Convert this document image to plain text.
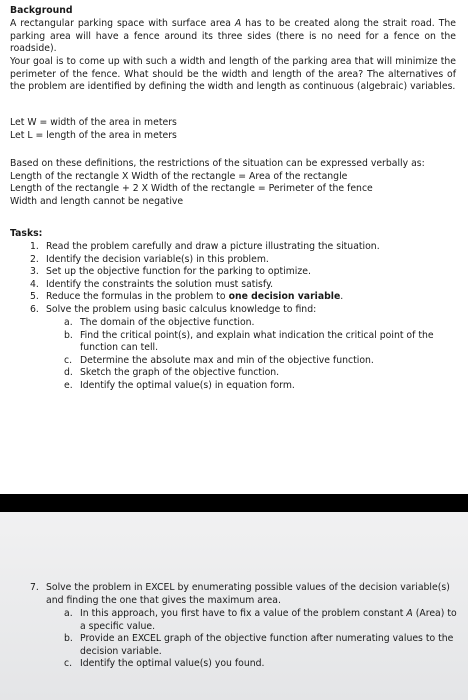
Background

A rectangular parking space with surface area A has to be created along the strait road. The parking area will have a fence around its three sides (there is no need for a fence on the roadside).

Your goal is to come up with such a width and length of the parking area that will minimize the perimeter of the fence. What should be the width and length of the area? The alternatives of the problem are identified by defining the width and length as continuous (algebraic) variables.

Let W = width of the area in meters
Let L = length of the area in meters
Based on these definitions, the restrictions of the situation can be expressed verbally as:
Length of the rectangle X Width of the rectangle = Area of the rectangle
Length of the rectangle + 2 X Width of the rectangle = Perimeter of the fence
Width and length cannot be negative
Tasks:
1. Read the problem carefully and draw a picture illustrating the situation.
2. Identify the decision variable(s) in this problem.
3. Set up the objective function for the parking to optimize.
4. Identify the constraints the solution must satisfy.
5. Reduce the formulas in the problem to one decision variable.
6. Solve the problem using basic calculus knowledge to find:
a. The domain of the objective function.
b. Find the critical point(s), and explain what indication the critical point of the
function can tell.
c. Determine the absolute max and min of the objective function.
d. Sketch the graph of the objective function.
e. Identify the optimal value(s) in equation form.
7. Solve the problem in EXCEL by enumerating possible values of the decision variable(s)
and finding the one that gives the maximum area.
a. In this approach, you first have to fix a value of the problem constant A (Area) to
a specific value.
b. Provide an EXCEL graph of the objective function after numerating values to the
decision variable.
c. Identify the optimal value(s) you found.
